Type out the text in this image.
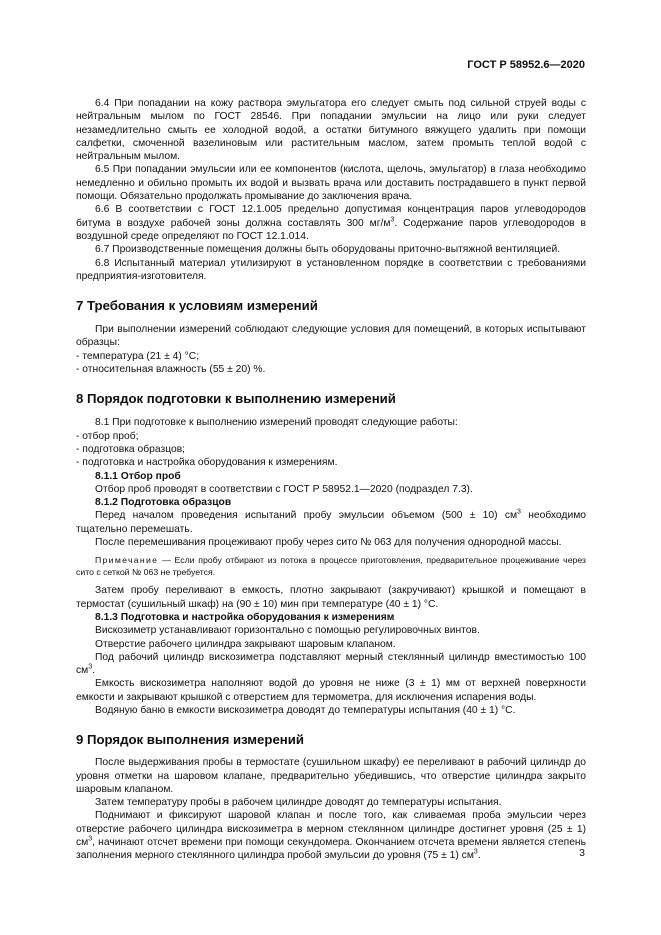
ГОСТ Р 58952.6—2020

6.4 При попадании на кожу раствора эмульгатора его следует смыть под сильной струей воды с нейтральным мылом по ГОСТ 28546. При попадании эмульсии на лицо или руки следует незамедлительно смыть ее холодной водой, а остатки битумного вяжущего удалить при помощи салфетки, смоченной вазелиновым или растительным маслом, затем промыть теплой водой с нейтральным мылом.

6.5 При попадании эмульсии или ее компонентов (кислота, щелочь, эмульгатор) в глаза необходимо немедленно и обильно промыть их водой и вызвать врача или доставить пострадавшего в пункт первой помощи. Обязательно продолжать промывание до заключения врача.

6.6 В соответствии с ГОСТ 12.1.005 предельно допустимая концентрация паров углеводородов битума в воздухе рабочей зоны должна составлять 300 $мг/м^3$. Содержание паров углеводородов в воздушной среде определяют по ГОСТ 12.1.014.

6.7 Производственные помещения должны быть оборудованы приточно-вытяжной вентиляцией.

6.8 Испытанный материал утилизируют в установленном порядке в соответствии с требованиями предприятия-изготовителя.

7 Требования к условиям измерений

При выполнении измерений соблюдают следующие условия для помещений, в которых испытывают образцы:

- температура (21 ± 4) °С;

- относительная влажность (55 ± 20) %.

8 Порядок подготовки к выполнению измерений

8.1 При подготовке к выполнению измерений проводят следующие работы:

- отбор проб;

- подготовка образцов;

- подготовка и настройка оборудования к измерениям.

8.1.1 Отбор проб

Отбор проб проводят в соответствии с ГОСТ Р 58952.1—2020 (подраздел 7.3).

8.1.2 Подготовка образцов

Перед началом проведения испытаний пробу эмульсии объемом (500 ± 10) $см^3$ необходимо тщательно перемешать.

После перемешивания процеживают пробу через сито № 063 для получения однородной массы.

Примечание — Если пробу отбирают из потока в процессе приготовления, предварительное процеживание через сито с сеткой № 063 не требуется.

Затем пробу переливают в емкость, плотно закрывают (закручивают) крышкой и помещают в термостат (сушильный шкаф) на (90 ± 10) мин при температуре (40 ± 1) °С.

8.1.3 Подготовка и настройка оборудования к измерениям

Вискозиметр устанавливают горизонтально с помощью регулировочных винтов.

Отверстие рабочего цилиндра закрывают шаровым клапаном.

Под рабочий цилиндр вискозиметра подставляют мерный стеклянный цилиндр вместимостью 100 $см^3$.

Емкость вискозиметра наполняют водой до уровня не ниже (3 ± 1) мм от верхней поверхности емкости и закрывают крышкой с отверстием для термометра, для исключения испарения воды.

Водяную баню в емкости вискозиметра доводят до температуры испытания (40 ± 1) °С.

9 Порядок выполнения измерений

После выдерживания пробы в термостате (сушильном шкафу) ее переливают в рабочий цилиндр до уровня отметки на шаровом клапане, предварительно убедившись, что отверстие цилиндра закрыто шаровым клапаном.

Затем температуру пробы в рабочем цилиндре доводят до температуры испытания.

Поднимают и фиксируют шаровой клапан и после того, как сливаемая проба эмульсии через отверстие рабочего цилиндра вискозиметра в мерном стеклянном цилиндре достигнет уровня (25 ± 1) $см^3$, начинают отсчет времени при помощи секундомера. Окончанием отсчета времени является степень заполнения мерного стеклянного цилиндра пробой эмульсии до уровня (75 ± 1) $см^3$.	3
